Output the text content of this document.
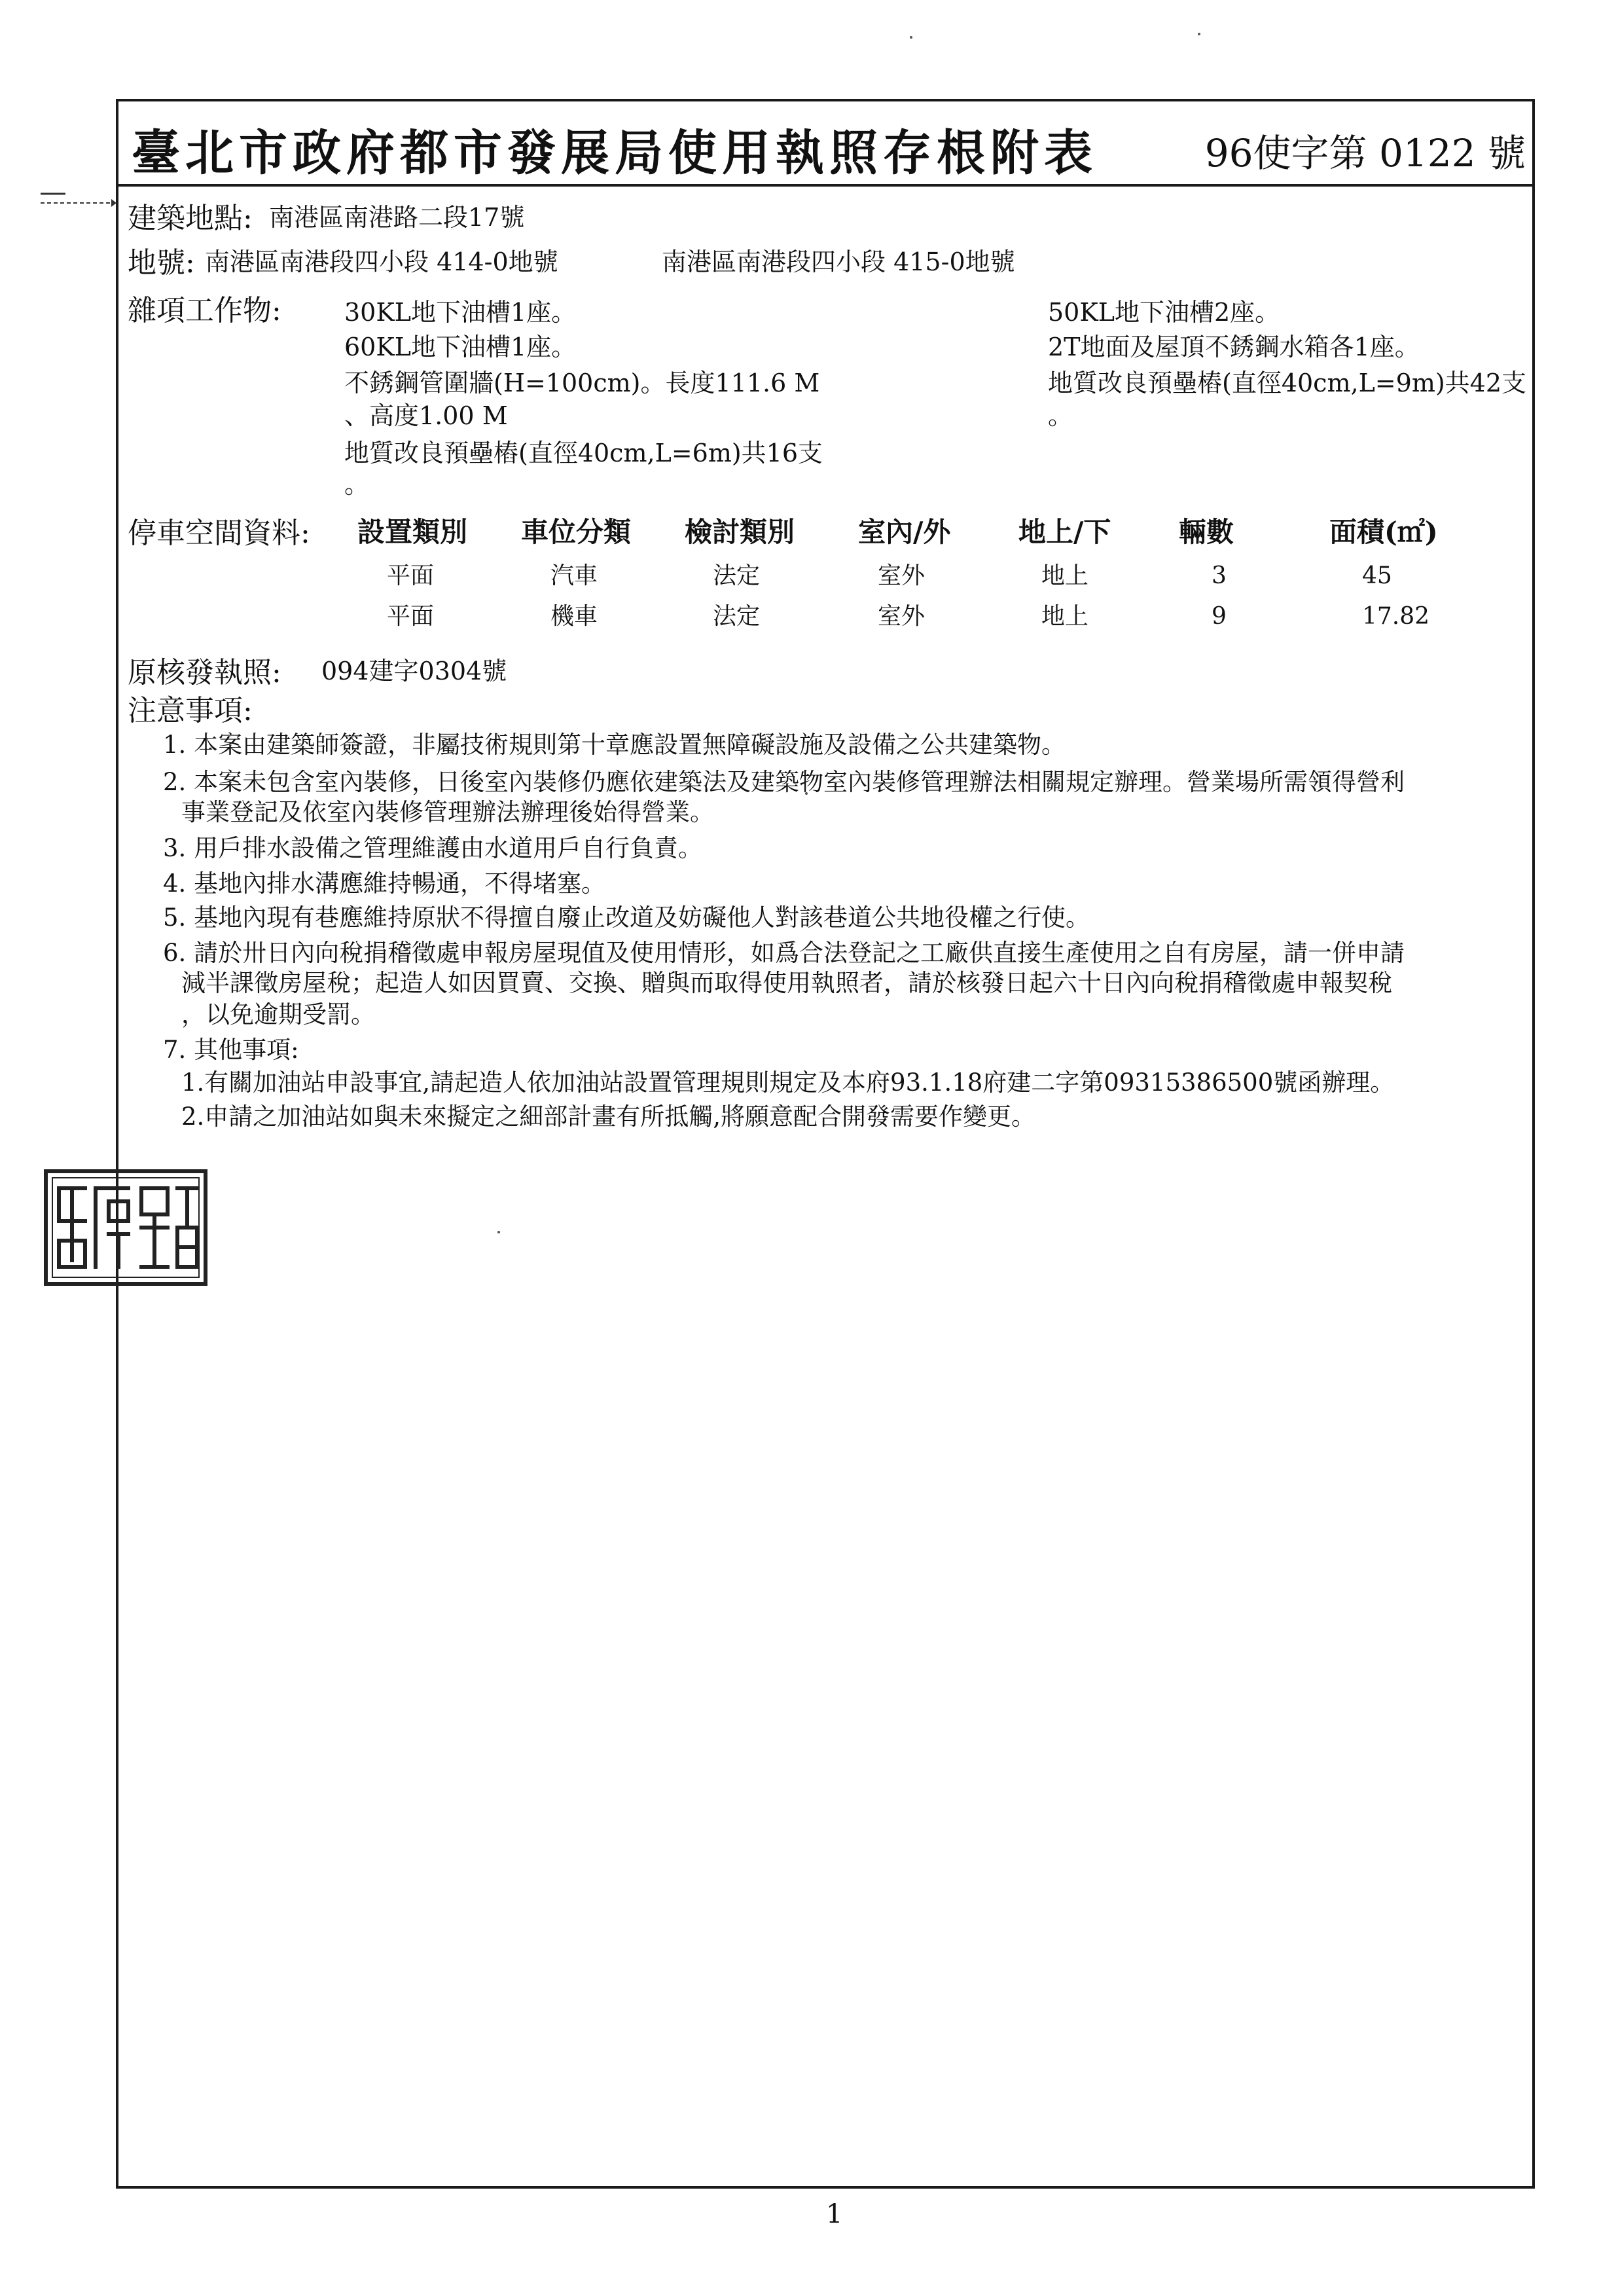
臺北市政府都市發展局使用執照存根附表	96使字第 0122 號
建築地點: 南港區南港路二段17號
地號: 南港區南港段四小段 414-0地號	南港區南港段四小段 415-0地號
雜項工作物:	30KL地下油槽1座。
60KL地下油槽1座。
不銹鋼管圍牆(H=100cm)。長度111.6 M
、高度1.00 M
地質改良預壘樁(直徑40cm,L=6m)共16支
。
50KL地下油槽2座。
2T地面及屋頂不銹鋼水箱各1座。
地質改良預壘樁(直徑40cm,L=9m)共42支
。
停車空間資料: 設置類別 車位分類 檢討類別 室內/外 地上/下 輛數	面積(㎡)
平面	汽車	法定	室外	地上	3	45
平面	機車	法定	室外	地上	9	17.82
原核發執照: 094建字0304號
注意事項:
1. 本案由建築師簽證，非屬技術規則第十章應設置無障礙設施及設備之公共建築物。
2. 本案未包含室內裝修，日後室內裝修仍應依建築法及建築物室內裝修管理辦法相關規定辦理。營業場所需領得營利
事業登記及依室內裝修管理辦法辦理後始得營業。
3. 用戶排水設備之管理維護由水道用戶自行負責。
4. 基地內排水溝應維持暢通，不得堵塞。
5. 基地內現有巷應維持原狀不得擅自廢止改道及妨礙他人對該巷道公共地役權之行使。
6. 請於卅日內向稅捐稽徵處申報房屋現值及使用情形，如爲合法登記之工廠供直接生產使用之自有房屋，請一併申請
減半課徵房屋稅；起造人如因買賣、交換、贈與而取得使用執照者，請於核發日起六十日內向稅捐稽徵處申報契稅
，以免逾期受罰。
7. 其他事項:
1.有關加油站申設事宜,請起造人依加油站設置管理規則規定及本府93.1.18府建二字第09315386500號函辦理。
2.申請之加油站如與未來擬定之細部計畫有所抵觸,將願意配合開發需要作變更。
1
